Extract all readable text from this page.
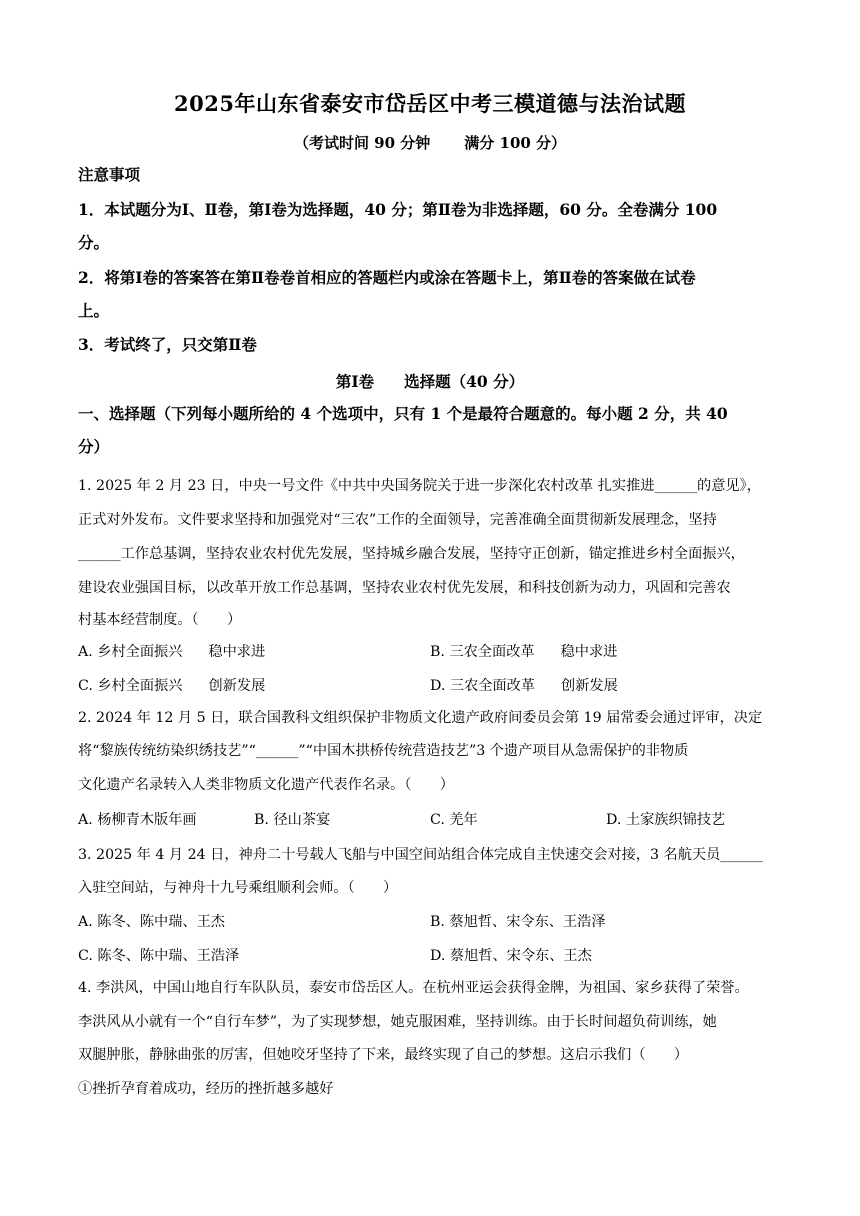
2025年山东省泰安市岱岳区中考三模道德与法治试题
（考试时间 90 分钟 满分 100 分）
注意事项
1．本试题分为Ⅰ、Ⅱ卷，第Ⅰ卷为选择题，40 分；第Ⅱ卷为非选择题，60 分。全卷满分 100
分。
2．将第Ⅰ卷的答案答在第Ⅱ卷卷首相应的答题栏内或涂在答题卡上，第Ⅱ卷的答案做在试卷
上。
3．考试终了，只交第Ⅱ卷
第Ⅰ卷 选择题（40 分）
一、选择题（下列每小题所给的 4 个选项中，只有 1 个是最符合题意的。每小题 2 分，共 40
分）
1. 2025 年 2 月 23 日，中央一号文件《中共中央国务院关于进一步深化农村改革 扎实推进______的意见》，
正式对外发布。文件要求坚持和加强党对“三农”工作的全面领导，完善准确全面贯彻新发展理念，坚持
______工作总基调，坚持农业农村优先发展，坚持城乡融合发展，坚持守正创新，锚定推进乡村全面振兴，
建设农业强国目标，以改革开放工作总基调，坚持农业农村优先发展，和科技创新为动力，巩固和完善农
村基本经营制度。（　　）
A. 乡村全面振兴 稳中求进	B. 三农全面改革 稳中求进
C. 乡村全面振兴 创新发展	D. 三农全面改革 创新发展
2. 2024 年 12 月 5 日，联合国教科文组织保护非物质文化遗产政府间委员会第 19 届常委会通过评审，决定
将“黎族传统纺染织绣技艺”“______”“中国木拱桥传统营造技艺”3 个遗产项目从急需保护的非物质
文化遗产名录转入人类非物质文化遗产代表作名录。（　　）
A. 杨柳青木版年画	B. 径山茶宴	C. 羌年	D. 土家族织锦技艺
3. 2025 年 4 月 24 日，神舟二十号载人飞船与中国空间站组合体完成自主快速交会对接，3 名航天员______
入驻空间站，与神舟十九号乘组顺利会师。（　　）
A. 陈冬、陈中瑞、王杰	B. 蔡旭哲、宋令东、王浩泽
C. 陈冬、陈中瑞、王浩泽	D. 蔡旭哲、宋令东、王杰
4. 李洪风，中国山地自行车队队员，泰安市岱岳区人。在杭州亚运会获得金牌，为祖国、家乡获得了荣誉。
李洪风从小就有一个“自行车梦”，为了实现梦想，她克服困难，坚持训练。由于长时间超负荷训练，她
双腿肿胀，静脉曲张的厉害，但她咬牙坚持了下来，最终实现了自己的梦想。这启示我们（　　）
①挫折孕育着成功，经历的挫折越多越好
